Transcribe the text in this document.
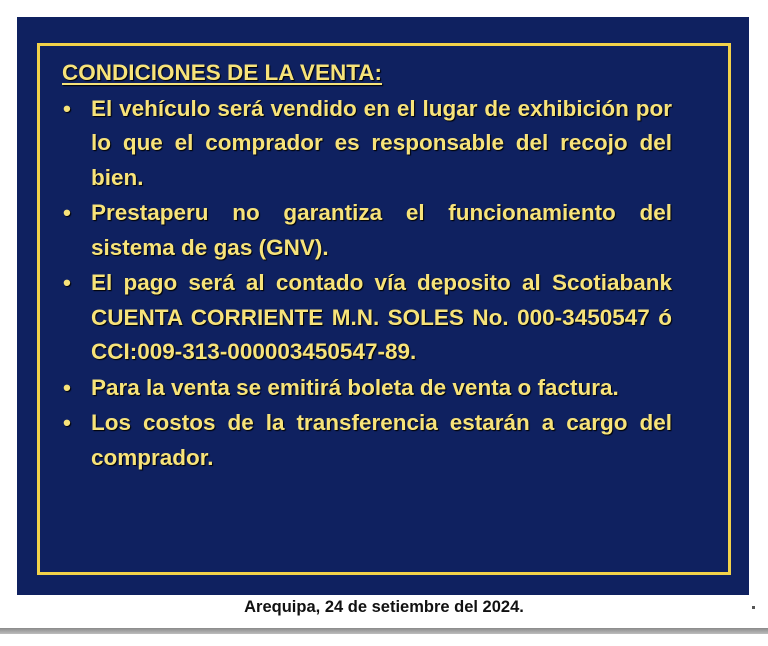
CONDICIONES DE LA VENTA:
• El vehículo será vendido en el lugar de exhibición por lo que el comprador es responsable del recojo del bien.
• Prestaperu no garantiza el funcionamiento del sistema de gas (GNV).
• El pago será al contado vía deposito al Scotiabank CUENTA CORRIENTE M.N. SOLES No. 000-3450547 ó CCI:009-313-000003450547-89.
• Para la venta se emitirá boleta de venta o factura.
• Los costos de la transferencia estarán a cargo del comprador.
Arequipa, 24 de setiembre del 2024.
